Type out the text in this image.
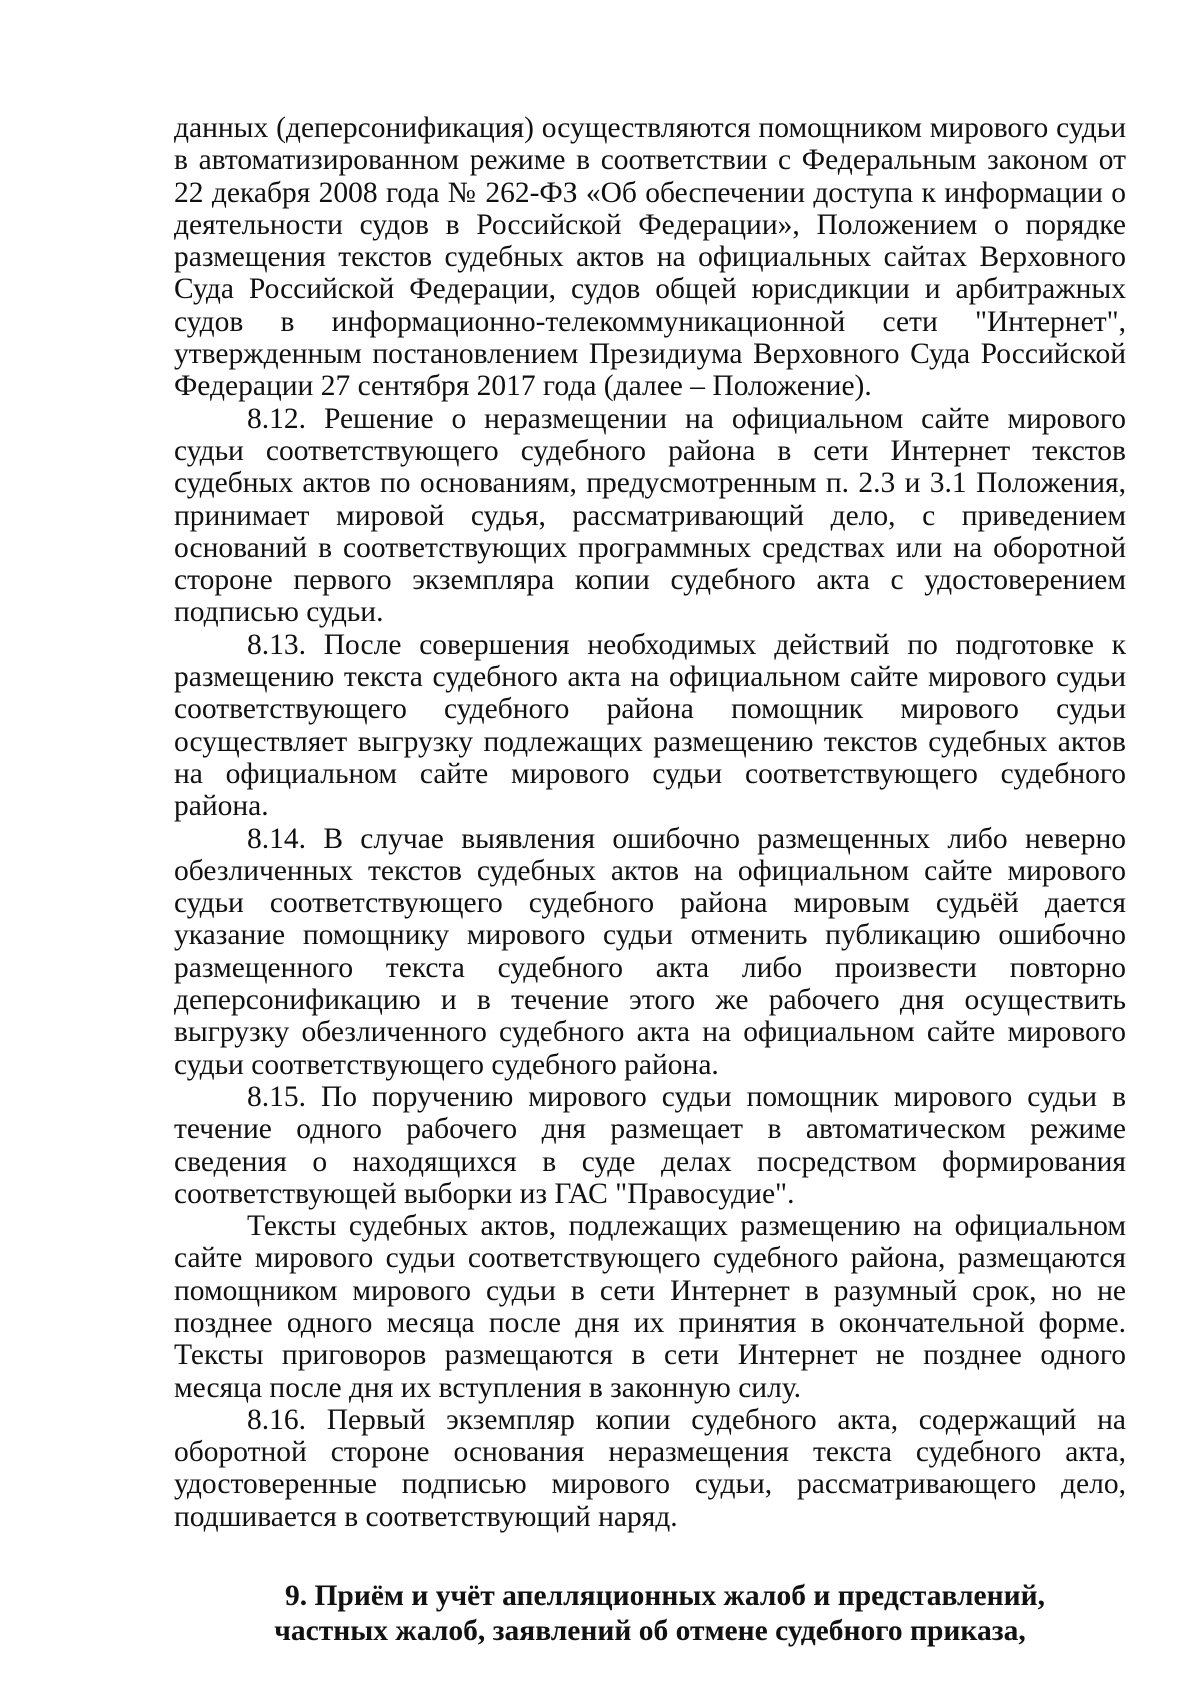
данных (деперсонификация) осуществляются помощником мирового судьи в автоматизированном режиме в соответствии с Федеральным законом от 22 декабря 2008 года № 262-ФЗ «Об обеспечении доступа к информации о деятельности судов в Российской Федерации», Положением о порядке размещения текстов судебных актов на официальных сайтах Верховного Суда Российской Федерации, судов общей юрисдикции и арбитражных судов в информационно-телекоммуникационной сети "Интернет", утвержденным постановлением Президиума Верховного Суда Российской Федерации 27 сентября 2017 года (далее – Положение).

8.12. Решение о неразмещении на официальном сайте мирового судьи соответствующего судебного района в сети Интернет текстов судебных актов по основаниям, предусмотренным п. 2.3 и 3.1 Положения, принимает мировой судья, рассматривающий дело, с приведением оснований в соответствующих программных средствах или на оборотной стороне первого экземпляра копии судебного акта с удостоверением подписью судьи.

8.13. После совершения необходимых действий по подготовке к размещению текста судебного акта на официальном сайте мирового судьи соответствующего судебного района помощник мирового судьи осуществляет выгрузку подлежащих размещению текстов судебных актов на официальном сайте мирового судьи соответствующего судебного района.

8.14. В случае выявления ошибочно размещенных либо неверно обезличенных текстов судебных актов на официальном сайте мирового судьи соответствующего судебного района мировым судьёй дается указание помощнику мирового судьи отменить публикацию ошибочно размещенного текста судебного акта либо произвести повторно деперсонификацию и в течение этого же рабочего дня осуществить выгрузку обезличенного судебного акта на официальном сайте мирового судьи соответствующего судебного района.

8.15. По поручению мирового судьи помощник мирового судьи в течение одного рабочего дня размещает в автоматическом режиме сведения о находящихся в суде делах посредством формирования соответствующей выборки из ГАС "Правосудие".

Тексты судебных актов, подлежащих размещению на официальном сайте мирового судьи соответствующего судебного района, размещаются помощником мирового судьи в сети Интернет в разумный срок, но не позднее одного месяца после дня их принятия в окончательной форме. Тексты приговоров размещаются в сети Интернет не позднее одного месяца после дня их вступления в законную силу.

8.16. Первый экземпляр копии судебного акта, содержащий на оборотной стороне основания неразмещения текста судебного акта, удостоверенные подписью мирового судьи, рассматривающего дело, подшивается в соответствующий наряд.

9. Приём и учёт апелляционных жалоб и представлений,
частных жалоб, заявлений об отмене судебного приказа,
